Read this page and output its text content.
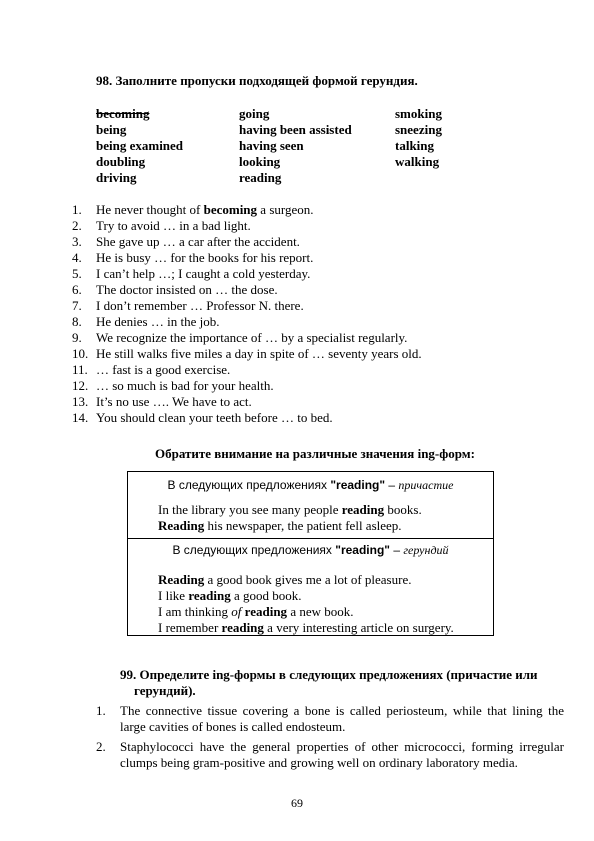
98. Заполните пропуски подходящей формой герундия.
becoming
being
being examined
doubling
driving
going
having been assisted
having seen
looking
reading
smoking
sneezing
talking
walking
1. He never thought of becoming a surgeon.
2. Try to avoid … in a bad light.
3. She gave up … a car after the accident.
4. He is busy … for the books for his report.
5. I can’t help …; I caught a cold yesterday.
6. The doctor insisted on … the dose.
7. I don’t remember … Professor N. there.
8. He denies … in the job.
9. We recognize the importance of … by a specialist regularly.
10. He still walks five miles a day in spite of … seventy years old.
11. … fast is a good exercise.
12. … so much is bad for your health.
13. It’s no use …. We have to act.
14. You should clean your teeth before … to bed.
Обратите внимание на различные значения ing-форм:
В следующих предложениях "reading" – причастие
In the library you see many people reading books.
Reading his newspaper, the patient fell asleep.
В следующих предложениях "reading" – герундий
Reading a good book gives me a lot of pleasure.
I like reading a good book.
I am thinking of reading a new book.
I remember reading a very interesting article on surgery.
99. Определите ing-формы в следующих предложениях (причастие или
герундий).
1. The connective tissue covering a bone is called periosteum, while that lining the large cavities of bones is called endosteum.
2. Staphylococci have the general properties of other micrococci, forming irregular clumps being gram-positive and growing well on ordinary laboratory media.
69
